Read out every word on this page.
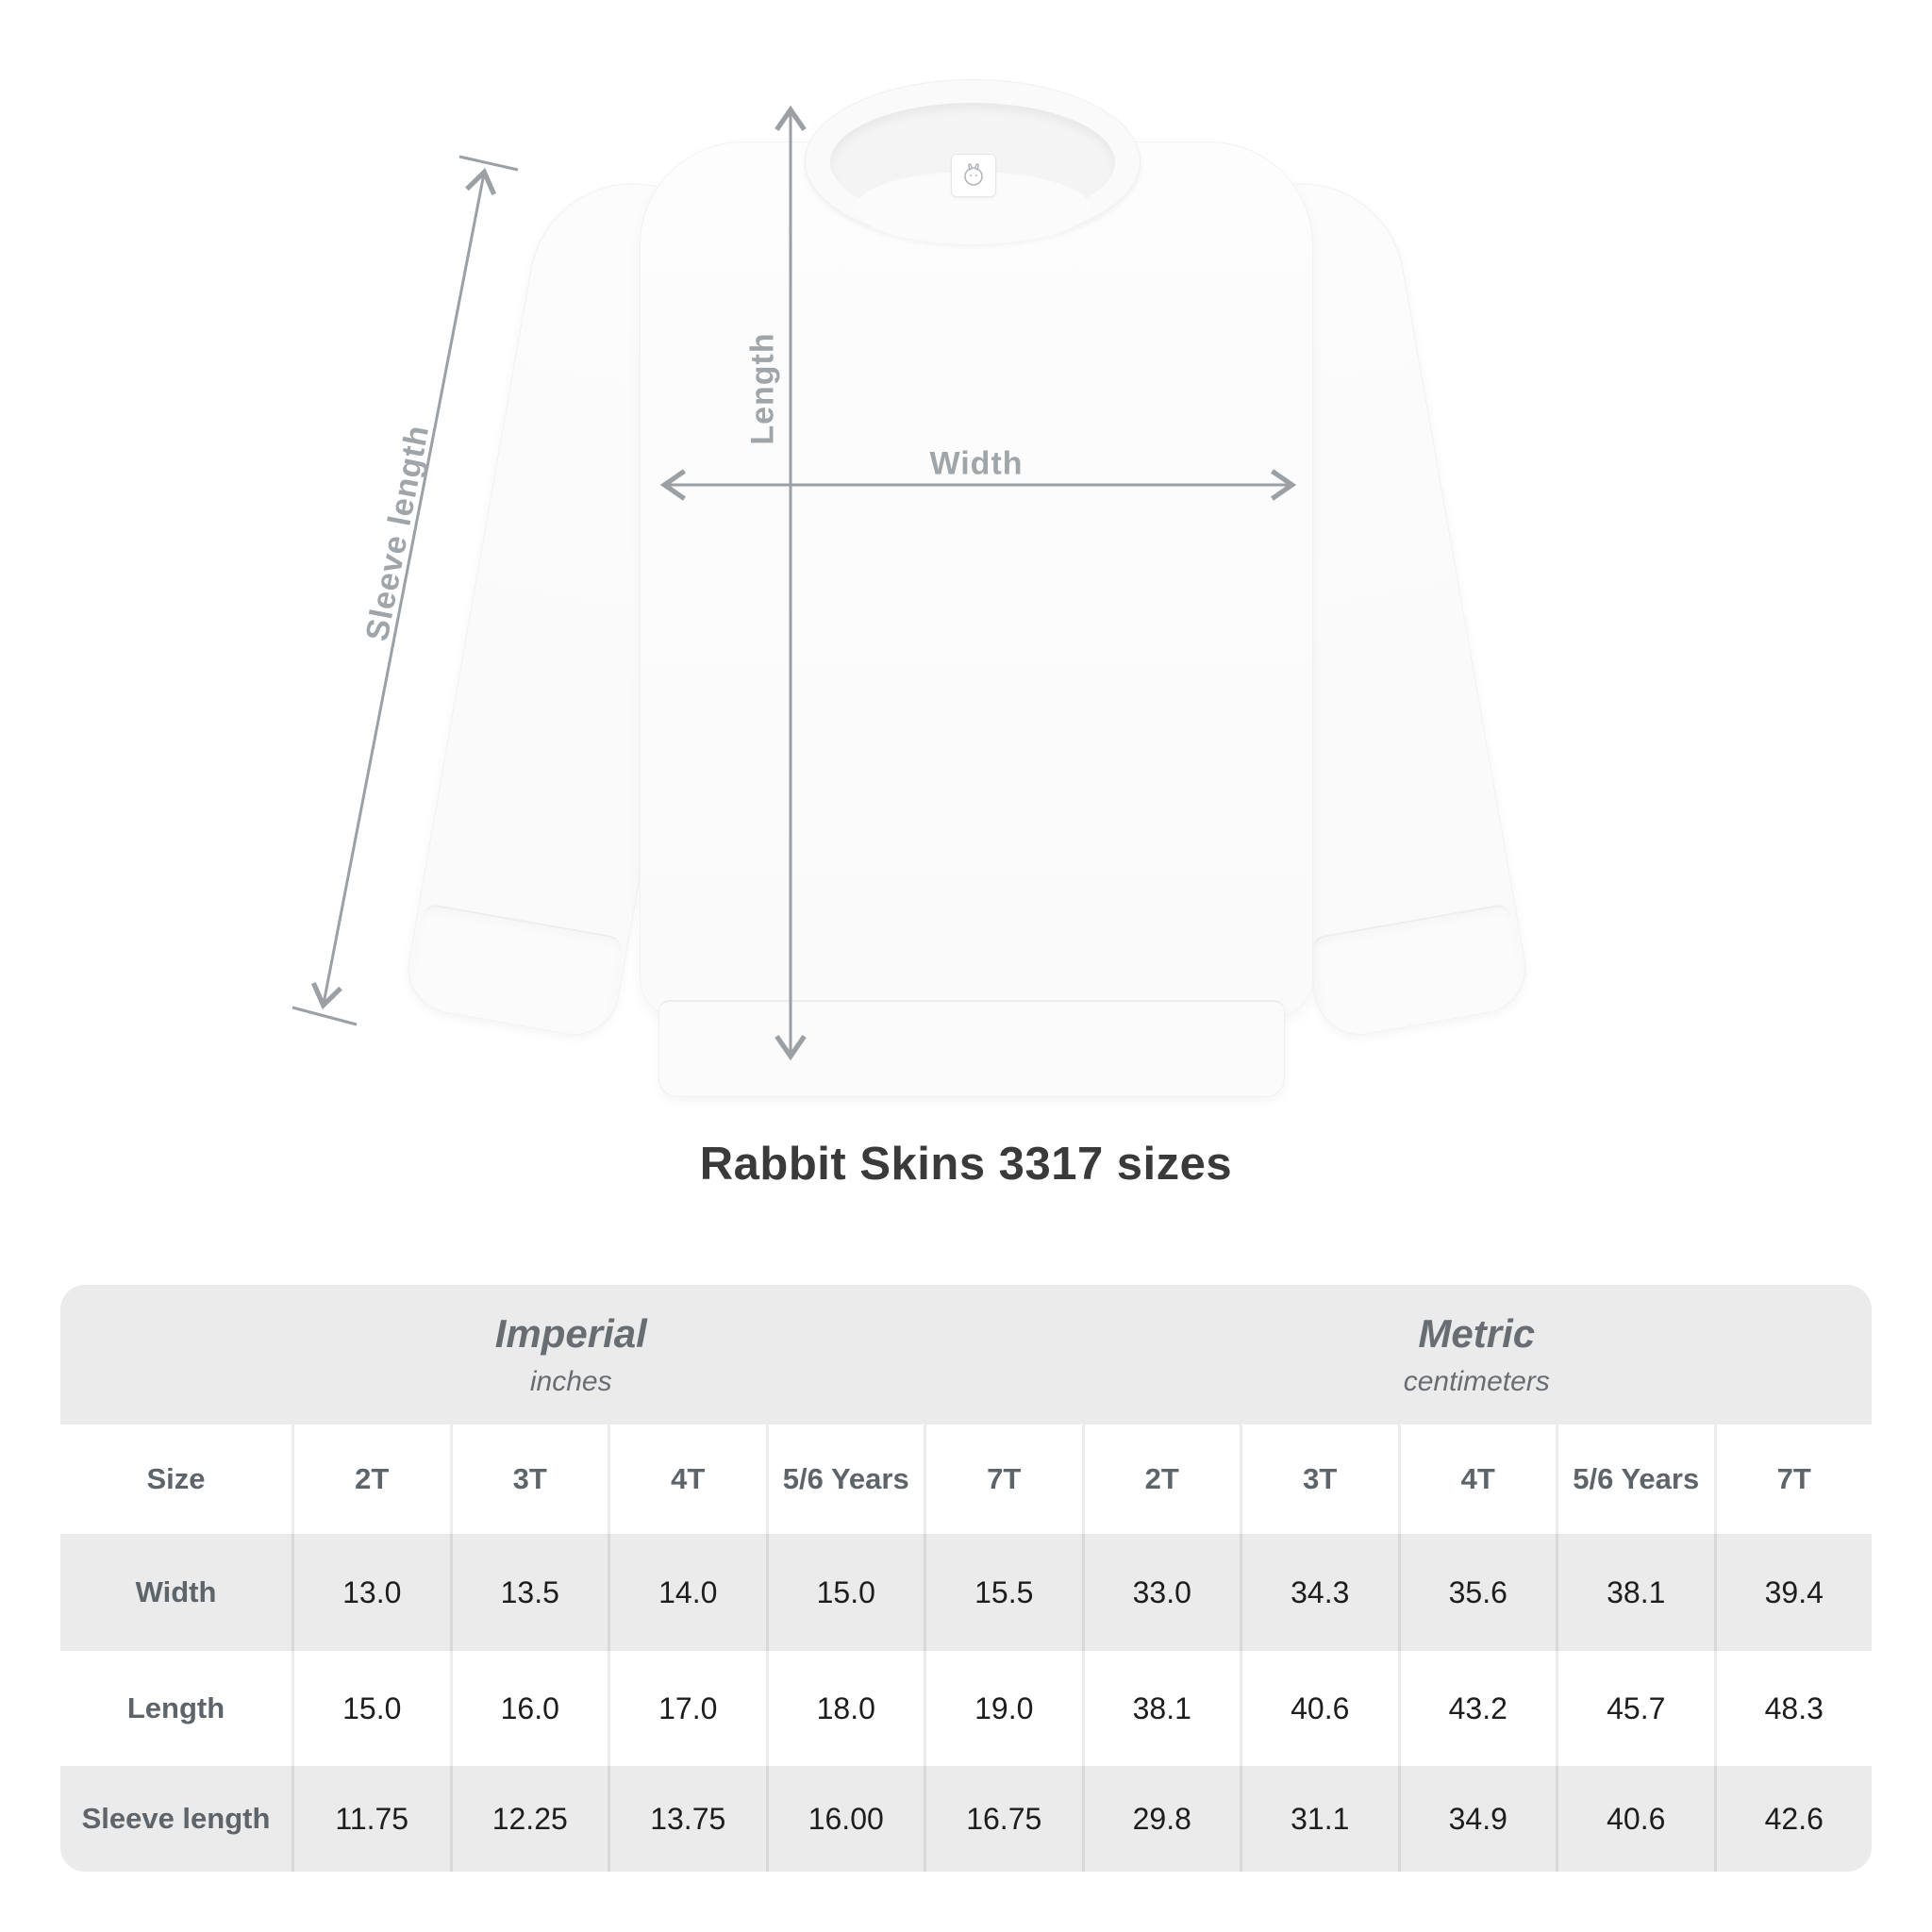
Length
Width
Sleeve length
Rabbit Skins 3317 sizes
Imperial
inches
Metric
centimeters
Size	2T	3T	4T	5/6 Years	7T	2T	3T	4T	5/6 Years	7T
Width	13.0	13.5	14.0	15.0	15.5	33.0	34.3	35.6	38.1	39.4
Length	15.0	16.0	17.0	18.0	19.0	38.1	40.6	43.2	45.7	48.3
Sleeve length	11.75	12.25	13.75	16.00	16.75	29.8	31.1	34.9	40.6	42.6
